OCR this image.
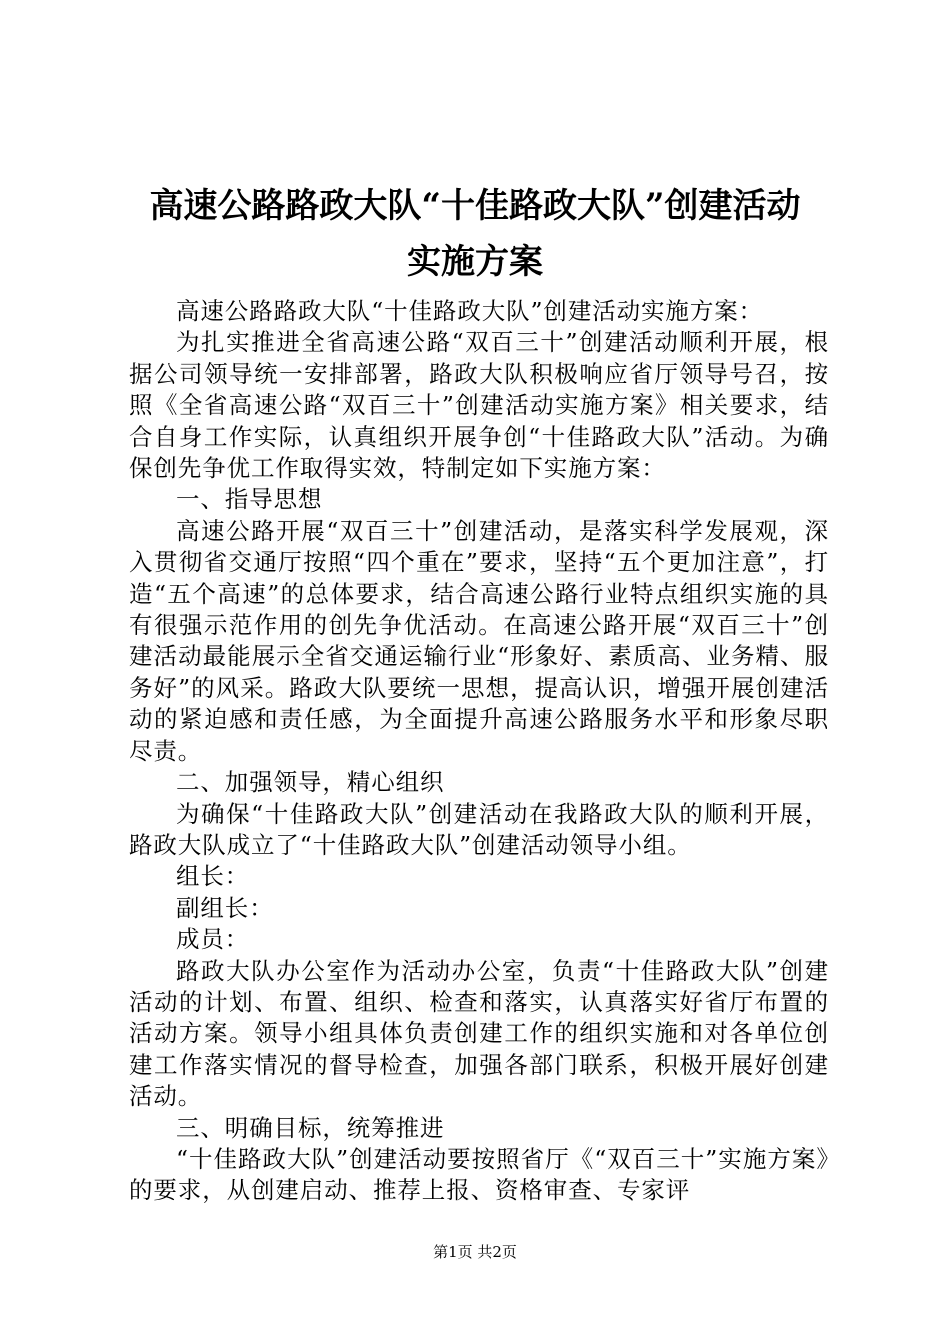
高速公路路政大队“十佳路政大队”创建活动
实施方案

高速公路路政大队“十佳路政大队”创建活动实施方案：

为扎实推进全省高速公路“双百三十”创建活动顺利开展，根据公司领导统一安排部署，路政大队积极响应省厅领导号召，按照《全省高速公路“双百三十”创建活动实施方案》相关要求，结合自身工作实际，认真组织开展争创“十佳路政大队”活动。为确保创先争优工作取得实效，特制定如下实施方案：

一、指导思想

高速公路开展“双百三十”创建活动，是落实科学发展观，深入贯彻省交通厅按照“四个重在”要求，坚持“五个更加注意”，打造“五个高速”的总体要求，结合高速公路行业特点组织实施的具有很强示范作用的创先争优活动。在高速公路开展“双百三十”创建活动最能展示全省交通运输行业“形象好、素质高、业务精、服务好”的风采。路政大队要统一思想，提高认识，增强开展创建活动的紧迫感和责任感，为全面提升高速公路服务水平和形象尽职尽责。

二、加强领导，精心组织

为确保“十佳路政大队”创建活动在我路政大队的顺利开展，路政大队成立了“十佳路政大队”创建活动领导小组。

组长：

副组长：

成员：

路政大队办公室作为活动办公室，负责“十佳路政大队”创建活动的计划、布置、组织、检查和落实，认真落实好省厅布置的活动方案。领导小组具体负责创建工作的组织实施和对各单位创建工作落实情况的督导检查，加强各部门联系，积极开展好创建活动。

三、明确目标，统筹推进

“十佳路政大队”创建活动要按照省厅《“双百三十”实施方案》的要求，从创建启动、推荐上报、资格审查、专家评

第1页 共2页
